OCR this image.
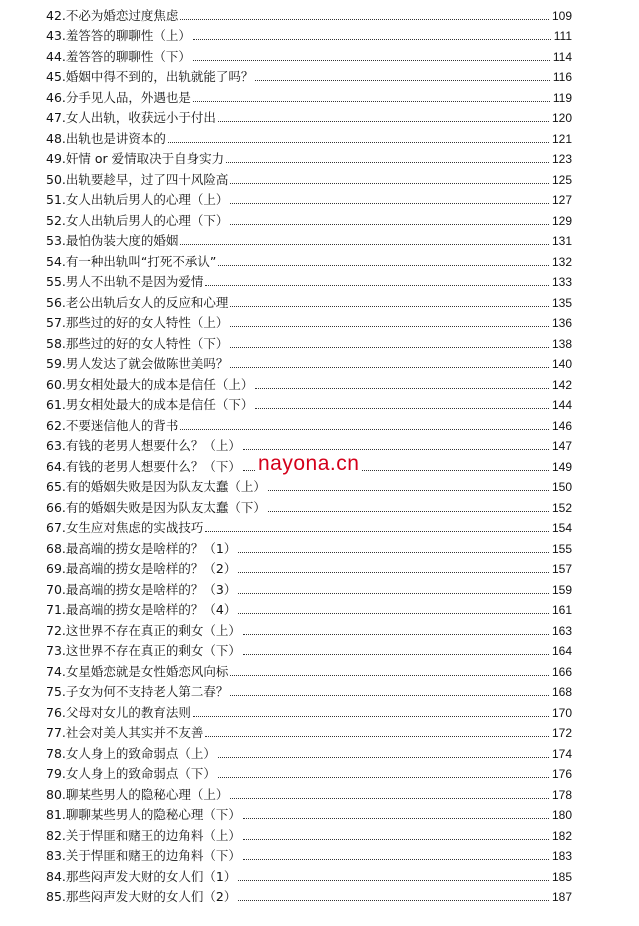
42.不必为婚恋过度焦虑	109
43.羞答答的聊聊性（上）	111
44.羞答答的聊聊性（下）	114
45.婚姻中得不到的，出轨就能了吗？	116
46.分手见人品，外遇也是	119
47.女人出轨，收获远小于付出	120
48.出轨也是讲资本的	121
49.奸情 or 爱情取决于自身实力	123
50.出轨要趁早，过了四十风险高	125
51.女人出轨后男人的心理（上）	127
52.女人出轨后男人的心理（下）	129
53.最怕伪装大度的婚姻	131
54.有一种出轨叫“打死不承认”	132
55.男人不出轨不是因为爱情	133
56.老公出轨后女人的反应和心理	135
57.那些过的好的女人特性（上）	136
58.那些过的好的女人特性（下）	138
59.男人发达了就会做陈世美吗？	140
60.男女相处最大的成本是信任（上）	142
61.男女相处最大的成本是信任（下）	144
62.不要迷信他人的背书	146
63.有钱的老男人想要什么？（上）	147
64.有钱的老男人想要什么？（下）	149
65.有的婚姻失败是因为队友太蠢（上）	150
66.有的婚姻失败是因为队友太蠢（下）	152
67.女生应对焦虑的实战技巧	154
68.最高端的捞女是啥样的？（1）	155
69.最高端的捞女是啥样的？（2）	157
70.最高端的捞女是啥样的？（3）	159
71.最高端的捞女是啥样的？（4）	161
72.这世界不存在真正的剩女（上）	163
73.这世界不存在真正的剩女（下）	164
74.女星婚恋就是女性婚恋风向标	166
75.子女为何不支持老人第二春？	168
76.父母对女儿的教育法则	170
77.社会对美人其实并不友善	172
78.女人身上的致命弱点（上）	174
79.女人身上的致命弱点（下）	176
80.聊某些男人的隐秘心理（上）	178
81.聊聊某些男人的隐秘心理（下）	180
82.关于悍匪和赌王的边角料（上）	182
83.关于悍匪和赌王的边角料（下）	183
84.那些闷声发大财的女人们（1）	185
85.那些闷声发大财的女人们（2）	187
nayona.cn
